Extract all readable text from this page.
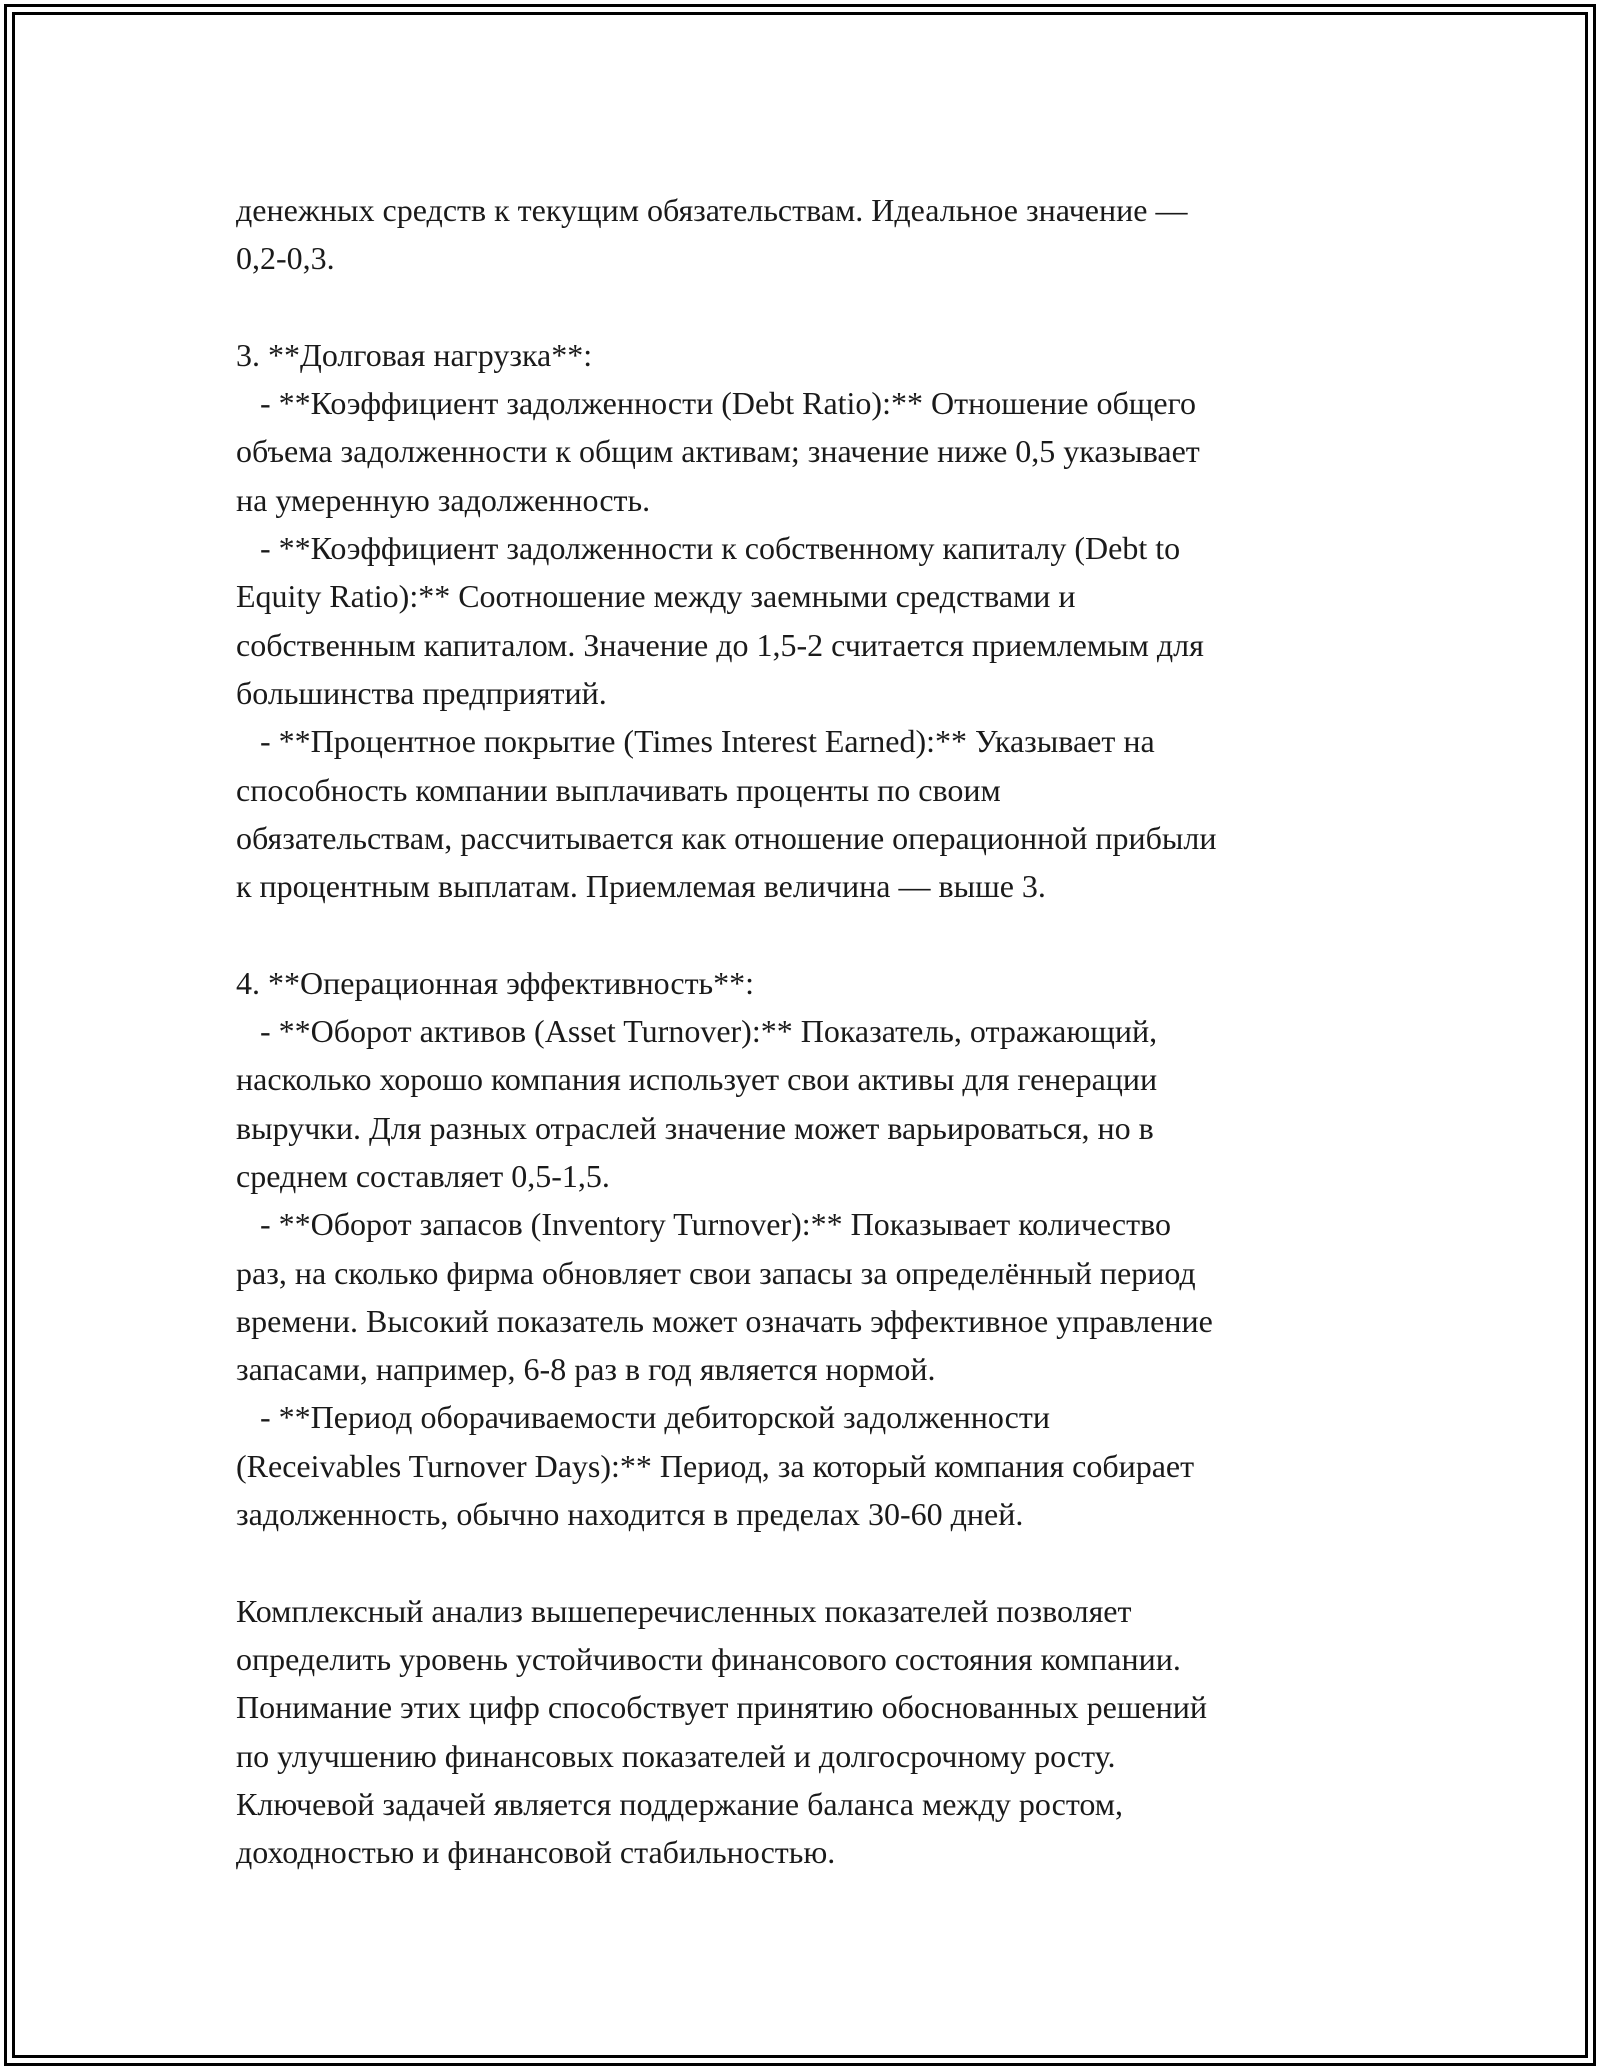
денежных средств к текущим обязательствам. Идеальное значение —
0,2-0,3.
3. **Долговая нагрузка**:
- **Коэффициент задолженности (Debt Ratio):** Отношение общего
объема задолженности к общим активам; значение ниже 0,5 указывает
на умеренную задолженность.
- **Коэффициент задолженности к собственному капиталу (Debt to
Equity Ratio):** Соотношение между заемными средствами и
собственным капиталом. Значение до 1,5-2 считается приемлемым для
большинства предприятий.
- **Процентное покрытие (Times Interest Earned):** Указывает на
способность компании выплачивать проценты по своим
обязательствам, рассчитывается как отношение операционной прибыли
к процентным выплатам. Приемлемая величина — выше 3.
4. **Операционная эффективность**:
- **Оборот активов (Asset Turnover):** Показатель, отражающий,
насколько хорошо компания использует свои активы для генерации
выручки. Для разных отраслей значение может варьироваться, но в
среднем составляет 0,5-1,5.
- **Оборот запасов (Inventory Turnover):** Показывает количество
раз, на сколько фирма обновляет свои запасы за определённый период
времени. Высокий показатель может означать эффективное управление
запасами, например, 6-8 раз в год является нормой.
- **Период оборачиваемости дебиторской задолженности
(Receivables Turnover Days):** Период, за который компания собирает
задолженность, обычно находится в пределах 30-60 дней.
Комплексный анализ вышеперечисленных показателей позволяет
определить уровень устойчивости финансового состояния компании.
Понимание этих цифр способствует принятию обоснованных решений
по улучшению финансовых показателей и долгосрочному росту.
Ключевой задачей является поддержание баланса между ростом,
доходностью и финансовой стабильностью.
